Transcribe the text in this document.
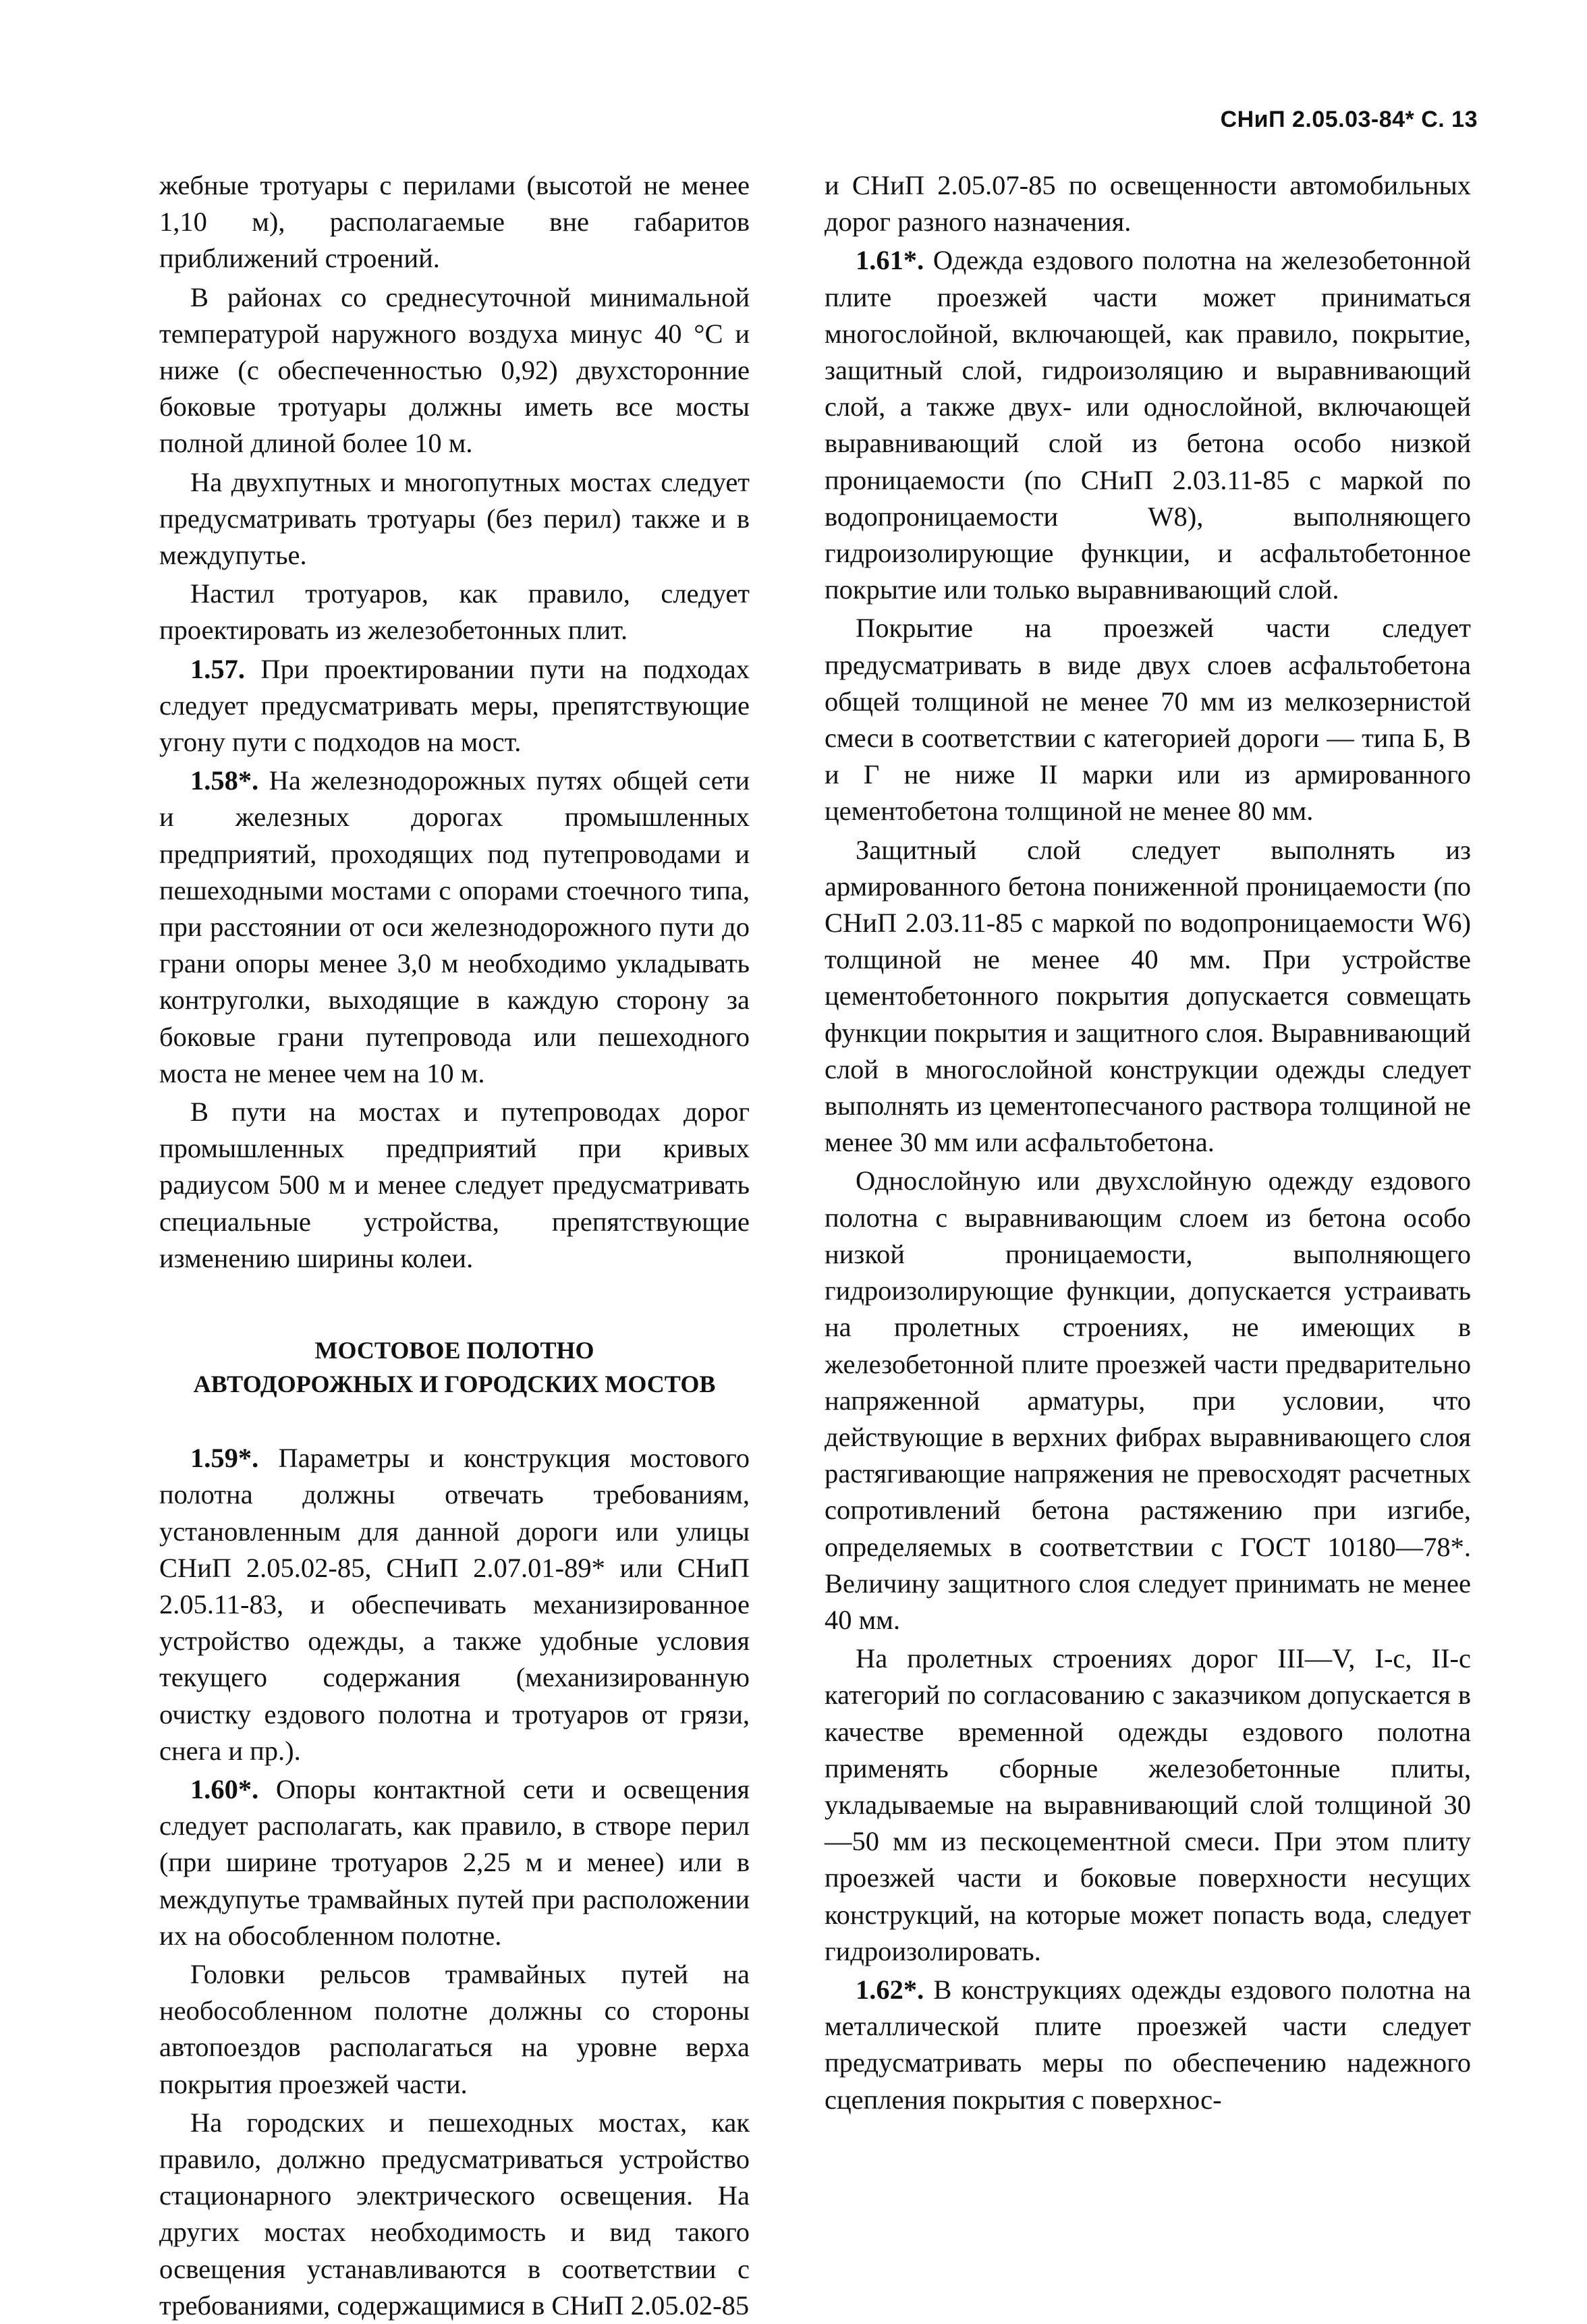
СНиП 2.05.03-84* С. 13

жебные тротуары с перилами (высотой не менее 1,10 м), располагаемые вне габаритов приближений строений.

В районах со среднесуточной минимальной температурой наружного воздуха минус 40 °С и ниже (с обеспеченностью 0,92) двухсторонние боковые тротуары должны иметь все мосты полной длиной более 10 м.

На двухпутных и многопутных мостах следует предусматривать тротуары (без перил) также и в междупутье.

Настил тротуаров, как правило, следует проектировать из железобетонных плит.

1.57. При проектировании пути на подходах следует предусматривать меры, препятствующие угону пути с подходов на мост.

1.58*. На железнодорожных путях общей сети и железных дорогах промышленных предприятий, проходящих под путепроводами и пешеходными мостами с опорами стоечного типа, при расстоянии от оси железнодорожного пути до грани опоры менее 3,0 м необходимо укладывать контруголки, выходящие в каждую сторону за боковые грани путепровода или пешеходного моста не менее чем на 10 м.

В пути на мостах и путепроводах дорог промышленных предприятий при кривых радиусом 500 м и менее следует предусматривать специальные устройства, препятствующие изменению ширины колеи.

МОСТОВОЕ ПОЛОТНО
АВТОДОРОЖНЫХ И ГОРОДСКИХ МОСТОВ

1.59*. Параметры и конструкция мостового полотна должны отвечать требованиям, установленным для данной дороги или улицы СНиП 2.05.02-85, СНиП 2.07.01-89* или СНиП 2.05.11-83, и обеспечивать механизированное устройство одежды, а также удобные условия текущего содержания (механизированную очистку ездового полотна и тротуаров от грязи, снега и пр.).

1.60*. Опоры контактной сети и освещения следует располагать, как правило, в створе перил (при ширине тротуаров 2,25 м и менее) или в междупутье трамвайных путей при расположении их на обособленном полотне.

Головки рельсов трамвайных путей на необособленном полотне должны со стороны автопоездов располагаться на уровне верха покрытия проезжей части.

На городских и пешеходных мостах, как правило, должно предусматриваться устройство стационарного электрического освещения. На других мостах необходимость и вид такого освещения устанавливаются в соответствии с требованиями, содержащимися в СНиП 2.05.02-85

и СНиП 2.05.07-85 по освещенности автомобильных дорог разного назначения.

1.61*. Одежда ездового полотна на железобетонной плите проезжей части может приниматься многослойной, включающей, как правило, покрытие, защитный слой, гидроизоляцию и выравнивающий слой, а также двух- или однослойной, включающей выравнивающий слой из бетона особо низкой проницаемости (по СНиП 2.03.11-85 с маркой по водопроницаемости W8), выполняющего гидроизолирующие функции, и асфальтобетонное покрытие или только выравнивающий слой.

Покрытие на проезжей части следует предусматривать в виде двух слоев асфальтобетона общей толщиной не менее 70 мм из мелкозернистой смеси в соответствии с категорией дороги — типа Б, В и Г не ниже II марки или из армированного цементобетона толщиной не менее 80 мм.

Защитный слой следует выполнять из армированного бетона пониженной проницаемости (по СНиП 2.03.11-85 с маркой по водопроницаемости W6) толщиной не менее 40 мм. При устройстве цементобетонного покрытия допускается совмещать функции покрытия и защитного слоя. Выравнивающий слой в многослойной конструкции одежды следует выполнять из цементопесчаного раствора толщиной не менее 30 мм или асфальтобетона.

Однослойную или двухслойную одежду ездового полотна с выравнивающим слоем из бетона особо низкой проницаемости, выполняющего гидроизолирующие функции, допускается устраивать на пролетных строениях, не имеющих в железобетонной плите проезжей части предварительно напряженной арматуры, при условии, что действующие в верхних фибрах выравнивающего слоя растягивающие напряжения не превосходят расчетных сопротивлений бетона растяжению при изгибе, определяемых в соответствии с ГОСТ 10180—78*. Величину защитного слоя следует принимать не менее 40 мм.

На пролетных строениях дорог III—V, I-с, II-с категорий по согласованию с заказчиком допускается в качестве временной одежды ездового полотна применять сборные железобетонные плиты, укладываемые на выравнивающий слой толщиной 30—50 мм из пескоцементной смеси. При этом плиту проезжей части и боковые поверхности несущих конструкций, на которые может попасть вода, следует гидроизолировать.

1.62*. В конструкциях одежды ездового полотна на металлической плите проезжей части следует предусматривать меры по обеспечению надежного сцепления покрытия с поверхнос-
